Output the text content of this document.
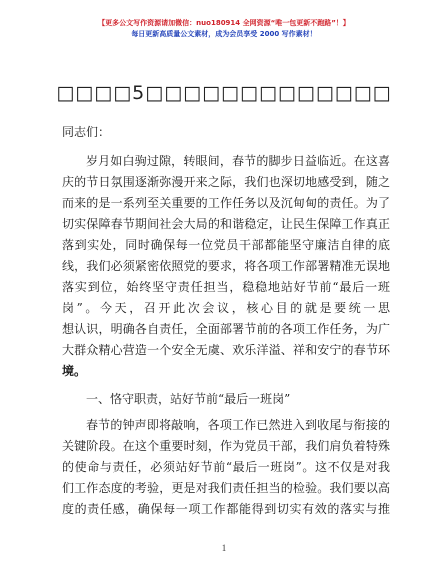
【更多公文写作资源请加微信：nuo180914 全网资源“唯一包更新不跑路”！】
每日更新高质量公文素材，成为会员享受 2000 写作素材！
□□□□5□□□□□□□□□□□□□
同志们：
岁月如白驹过隙，转眼间，春节的脚步日益临近。在这喜
庆的节日氛围逐渐弥漫开来之际，我们也深切地感受到，随之
而来的是一系列至关重要的工作任务以及沉甸甸的责任。为了
切实保障春节期间社会大局的和谐稳定，让民生保障工作真正
落到实处，同时确保每一位党员干部都能坚守廉洁自律的底
线，我们必须紧密依照党的要求，将各项工作部署精准无误地
落实到位，始终坚守责任担当，稳稳地站好节前“最后一班
岗”。今天，召开此次会议，核心目的就是要统一思
想认识，明确各自责任，全面部署节前的各项工作任务，为广
大群众精心营造一个安全无虞、欢乐洋溢、祥和安宁的春节环
境。
一、恪守职责，站好节前“最后一班岗”
春节的钟声即将敲响，各项工作已然进入到收尾与衔接的
关键阶段。在这个重要时刻，作为党员干部，我们肩负着特殊
的使命与责任，必须站好节前“最后一班岗”。这不仅是对我
们工作态度的考验，更是对我们责任担当的检验。我们要以高
度的责任感，确保每一项工作都能得到切实有效的落实与推
1
